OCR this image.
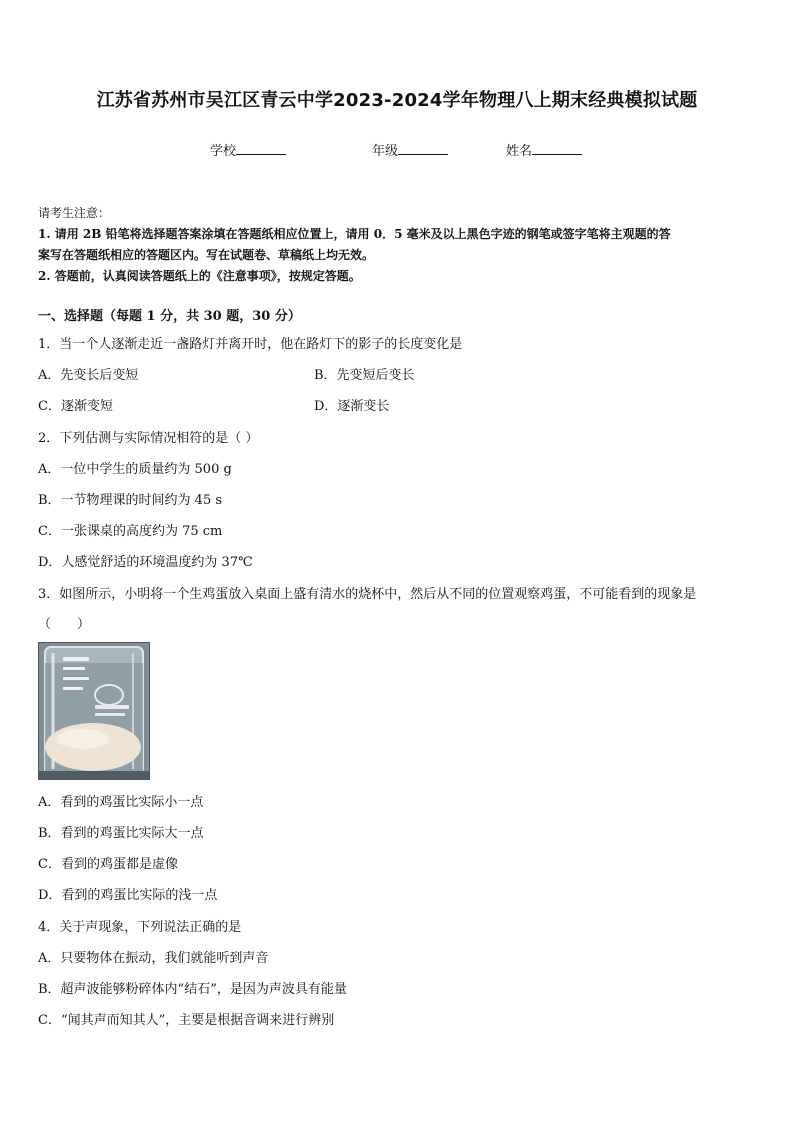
江苏省苏州市吴江区青云中学2023-2024学年物理八上期末经典模拟试题
学校	年级	姓名
请考生注意：
1. 请用 2B 铅笔将选择题答案涂填在答题纸相应位置上，请用 0．5 毫米及以上黑色字迹的钢笔或签字笔将主观题的答
案写在答题纸相应的答题区内。写在试题卷、草稿纸上均无效。
2. 答题前，认真阅读答题纸上的《注意事项》，按规定答题。
一、选择题（每题 1 分，共 30 题，30 分）
1．当一个人逐渐走近一盏路灯并离开时，他在路灯下的影子的长度变化是
A．先变长后变短	B．先变短后变长
C．逐渐变短	D．逐渐变长
2．下列估测与实际情况相符的是（ ）
A．一位中学生的质量约为 500 g
B．一节物理课的时间约为 45 s
C．一张课桌的高度约为 75 cm
D．人感觉舒适的环境温度约为 37℃
3．如图所示，小明将一个生鸡蛋放入桌面上盛有清水的烧杯中，然后从不同的位置观察鸡蛋，不可能看到的现象是
（　　）
A．看到的鸡蛋比实际小一点
B．看到的鸡蛋比实际大一点
C．看到的鸡蛋都是虚像
D．看到的鸡蛋比实际的浅一点
4．关于声现象，下列说法正确的是
A．只要物体在振动，我们就能听到声音
B．超声波能够粉碎体内“结石”，是因为声波具有能量
C．“闻其声而知其人”，主要是根据音调来进行辨别
